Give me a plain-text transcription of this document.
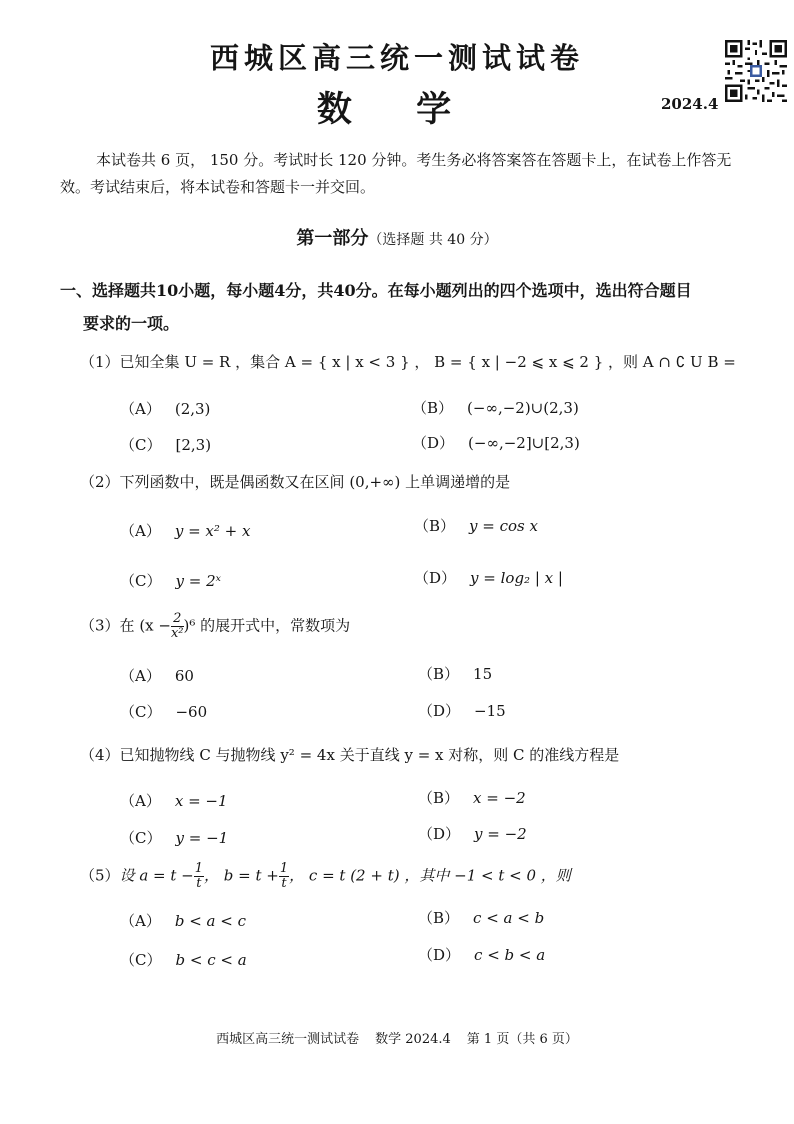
西城区高三统一测试试卷
数 学	2024.4
本试卷共 6 页， 150 分。考试时长 120 分钟。考生务必将答案答在答题卡上，在试卷上作答无效。考试结束后，将本试卷和答题卡一并交回。
第一部分（选择题 共 40 分）
一、选择题共10小题，每小题4分，共40分。在每小题列出的四个选项中，选出符合题目
要求的一项。
（1）已知全集 U = R ，集合 A = { x | x < 3 } ， B = { x | −2 ⩽ x ⩽ 2 } ，则 A ∩ ∁ U B =
（A） (2,3)	（B） (−∞,−2)∪(2,3)
（C） [2,3)	（D） (−∞,−2]∪[2,3)
（2）下列函数中，既是偶函数又在区间 (0,+∞) 上单调递增的是
（A） y = x² + x	（B） y = cos x
（C） y = 2ˣ	（D） y = log₂ | x |
（3）在 $(x - \frac{2}{\text{x²}} )^6$ 的展开式中，常数项为
（A） 60	（B） 15
（C） −60	（D） −15
（4）已知抛物线 C 与抛物线 y² = 4x 关于直线 y = x 对称，则 C 的准线方程是
（A） x = −1	（B） x = −2
（C） y = −1	（D） y = −2
（5）设 $a = t - \frac{1}{t}$ ， $b = t + \frac{1}{t}$ ， c = t (2 + t) ，其中 −1 < t < 0 ，则
（A） b < a < c	（B） c < a < b
（C） b < c < a	（D） c < b < a
西城区高三统一测试试卷 数学 2024.4 第 1 页（共 6 页）
